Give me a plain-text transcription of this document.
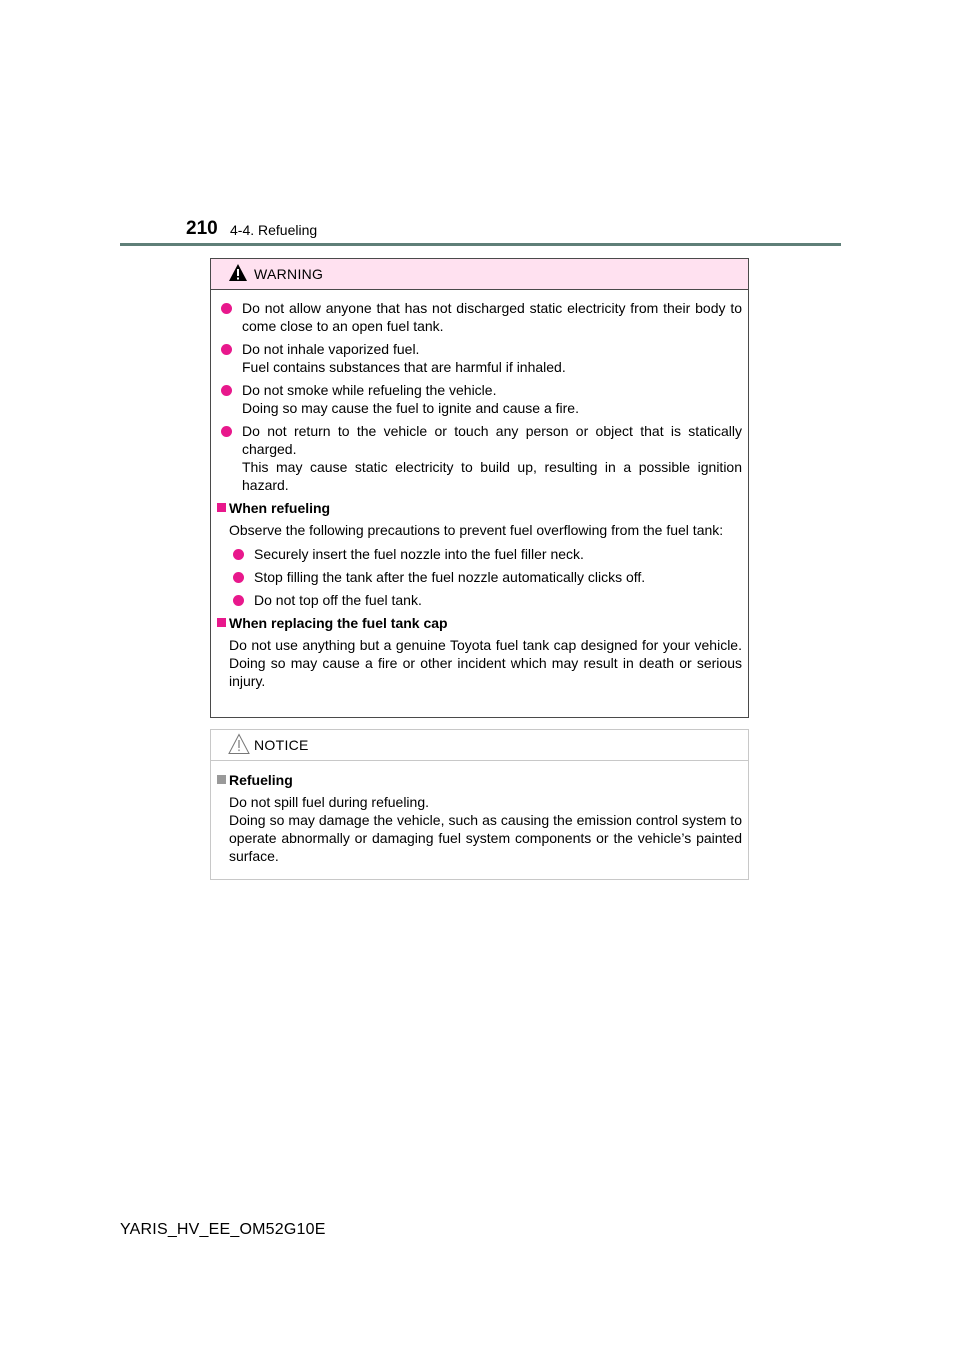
210 4-4. Refueling
WARNING
Do not allow anyone that has not discharged static electricity from their body to come close to an open fuel tank.
Do not inhale vaporized fuel.
Fuel contains substances that are harmful if inhaled.
Do not smoke while refueling the vehicle.
Doing so may cause the fuel to ignite and cause a fire.
Do not return to the vehicle or touch any person or object that is statically charged.
This may cause static electricity to build up, resulting in a possible ignition hazard.
When refueling
Observe the following precautions to prevent fuel overflowing from the fuel tank:
Securely insert the fuel nozzle into the fuel filler neck.
Stop filling the tank after the fuel nozzle automatically clicks off.
Do not top off the fuel tank.
When replacing the fuel tank cap
Do not use anything but a genuine Toyota fuel tank cap designed for your vehicle. Doing so may cause a fire or other incident which may result in death or serious injury.
NOTICE
Refueling
Do not spill fuel during refueling.
Doing so may damage the vehicle, such as causing the emission control system to operate abnormally or damaging fuel system components or the vehicle’s painted surface.
YARIS_HV_EE_OM52G10E
